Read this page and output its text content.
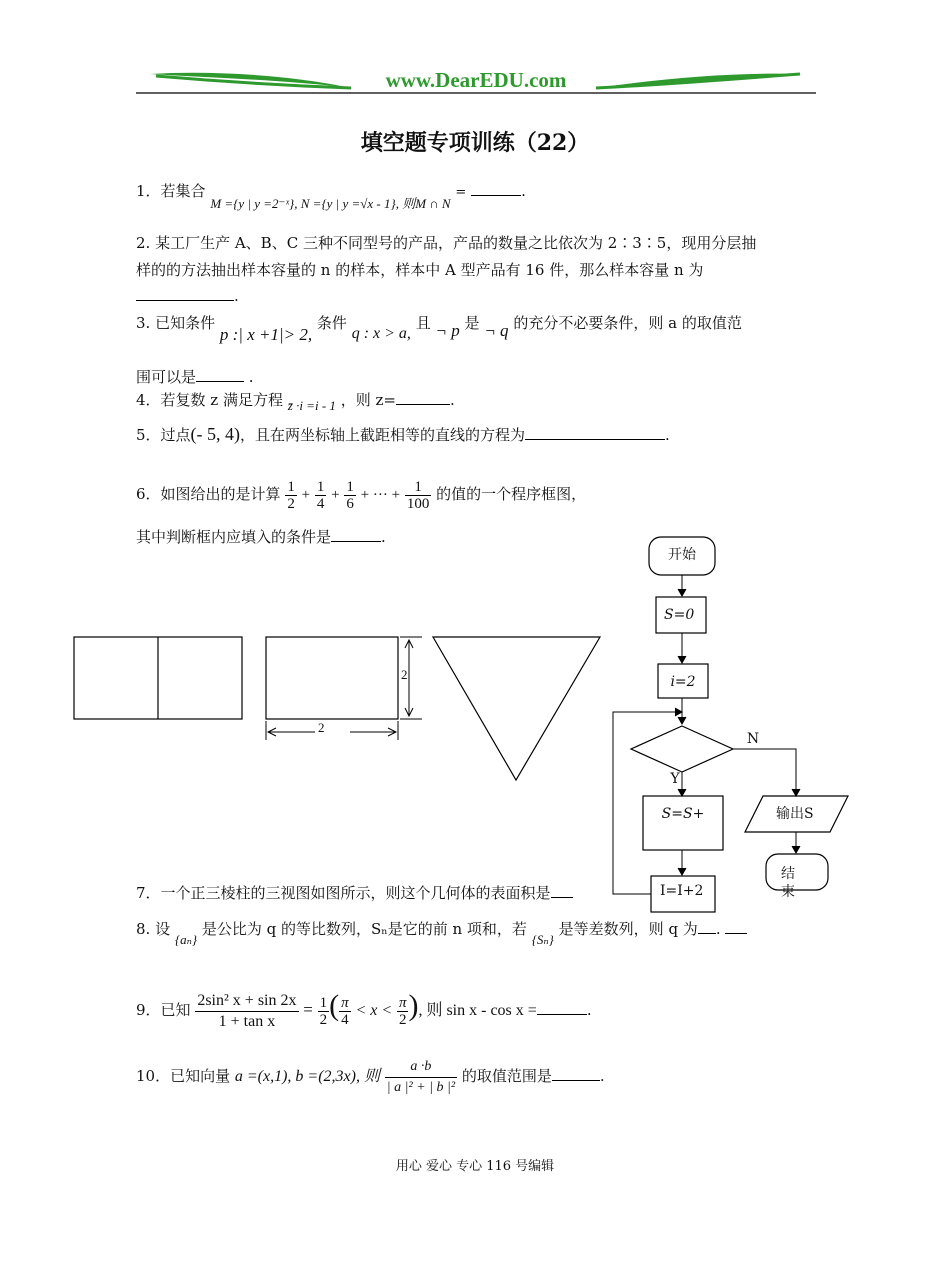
www.DearEDU.com
填空题专项训练（22）
1．若集合 M ={y | y =2⁻ˣ}, N ={y | y =√x - 1}, 则M ∩ N =	.
2. 某工厂生产 A、B、C 三种不同型号的产品，产品的数量之比依次为 2∶3∶5，现用分层抽
样的的方法抽出样本容量的 n 的样本，样本中 A 型产品有 16 件，那么样本容量 n 为
.
3. 已知条件 p :| x +1|> 2, 条件 q : x > a, 且 ¬ p 是 ¬ q 的充分不必要条件，则 a 的取值范
围可以是	.
4．若复数 z 满足方程 z̄ ·i =i - 1 ，则 z=	.
5．过点(- 5, 4)，且在两坐标轴上截距相等的直线的方程为	.
6．如图给出的是计算 $\frac{1}{2} + \frac{1}{4} + \frac{1}{6}$ + ··· + $\frac{1}{100}$ 的值的一个程序框图，
其中判断框内应填入的条件是	.
2
2
开始
S=0
i=2
N
Y
S=S+	输出S
结束
I=I+2
7．一个正三棱柱的三视图如图所示，则这个几何体的表面积是
8. 设 {aₙ} 是公比为 q 的等比数列，Sₙ是它的前 n 项和，若 {Sₙ} 是等差数列，则 q 为 .
9．已知 $\frac{\text{2sin² x + sin 2x}}{\text{1 + tan x}} = \frac{1}{2}$ ( $\frac{\pi}{4} < x < \frac{\pi}{2}$ ), 则 sin x - cos x =	.
10．已知向量 a =(x,1), b =(2,3x), 则 $\frac{a \cdot b}{\text{| a |² + | b |²}}$ 的取值范围是	.
用心 爱心 专心 116 号编辑
